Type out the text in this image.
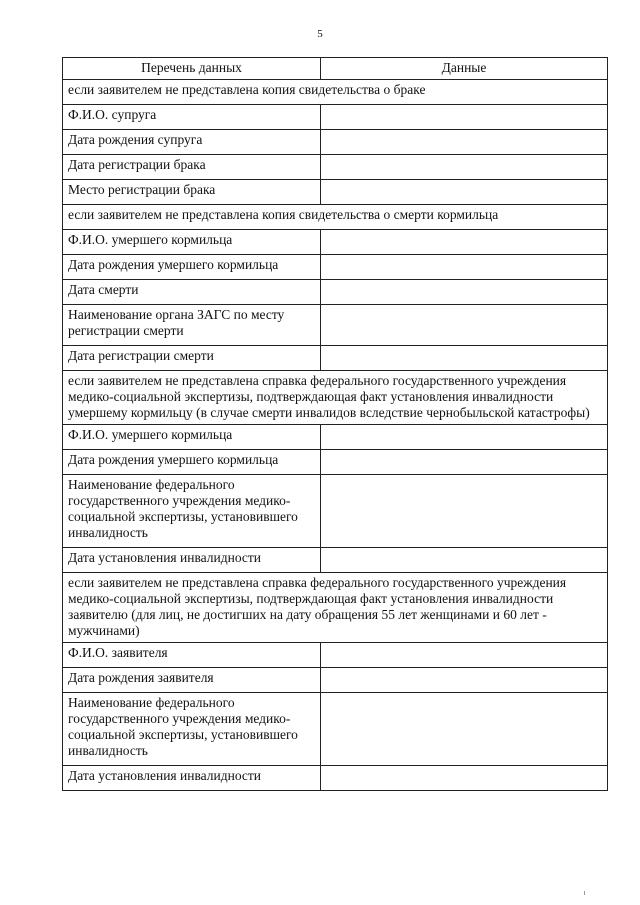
5
Перечень данных	Данные
если заявителем не представлена копия свидетельства о браке	
Ф.И.О. супруга	
Дата рождения супруга	
Дата регистрации брака	
Место регистрации брака	
если заявителем не представлена копия свидетельства о смерти кормильца	
Ф.И.О. умершего кормильца	
Дата рождения умершего кормильца	
Дата смерти	
Наименование органа ЗАГС по месту регистрации смерти	
Дата регистрации смерти	
если заявителем не представлена справка федерального государственного учреждения медико-социальной экспертизы, подтверждающая факт установления инвалидности умершему кормильцу (в случае смерти инвалидов вследствие чернобыльской катастрофы)	
Ф.И.О. умершего кормильца	
Дата рождения умершего кормильца	
Наименование федерального государственного учреждения медико-социальной экспертизы, установившего инвалидность	
Дата установления инвалидности	
если заявителем не представлена справка федерального государственного учреждения медико-социальной экспертизы, подтверждающая факт установления инвалидности заявителю (для лиц, не достигших на дату обращения 55 лет женщинами и 60 лет - мужчинами)	
Ф.И.О. заявителя	
Дата рождения заявителя	
Наименование федерального государственного учреждения медико-социальной экспертизы, установившего инвалидность	
Дата установления инвалидности	
